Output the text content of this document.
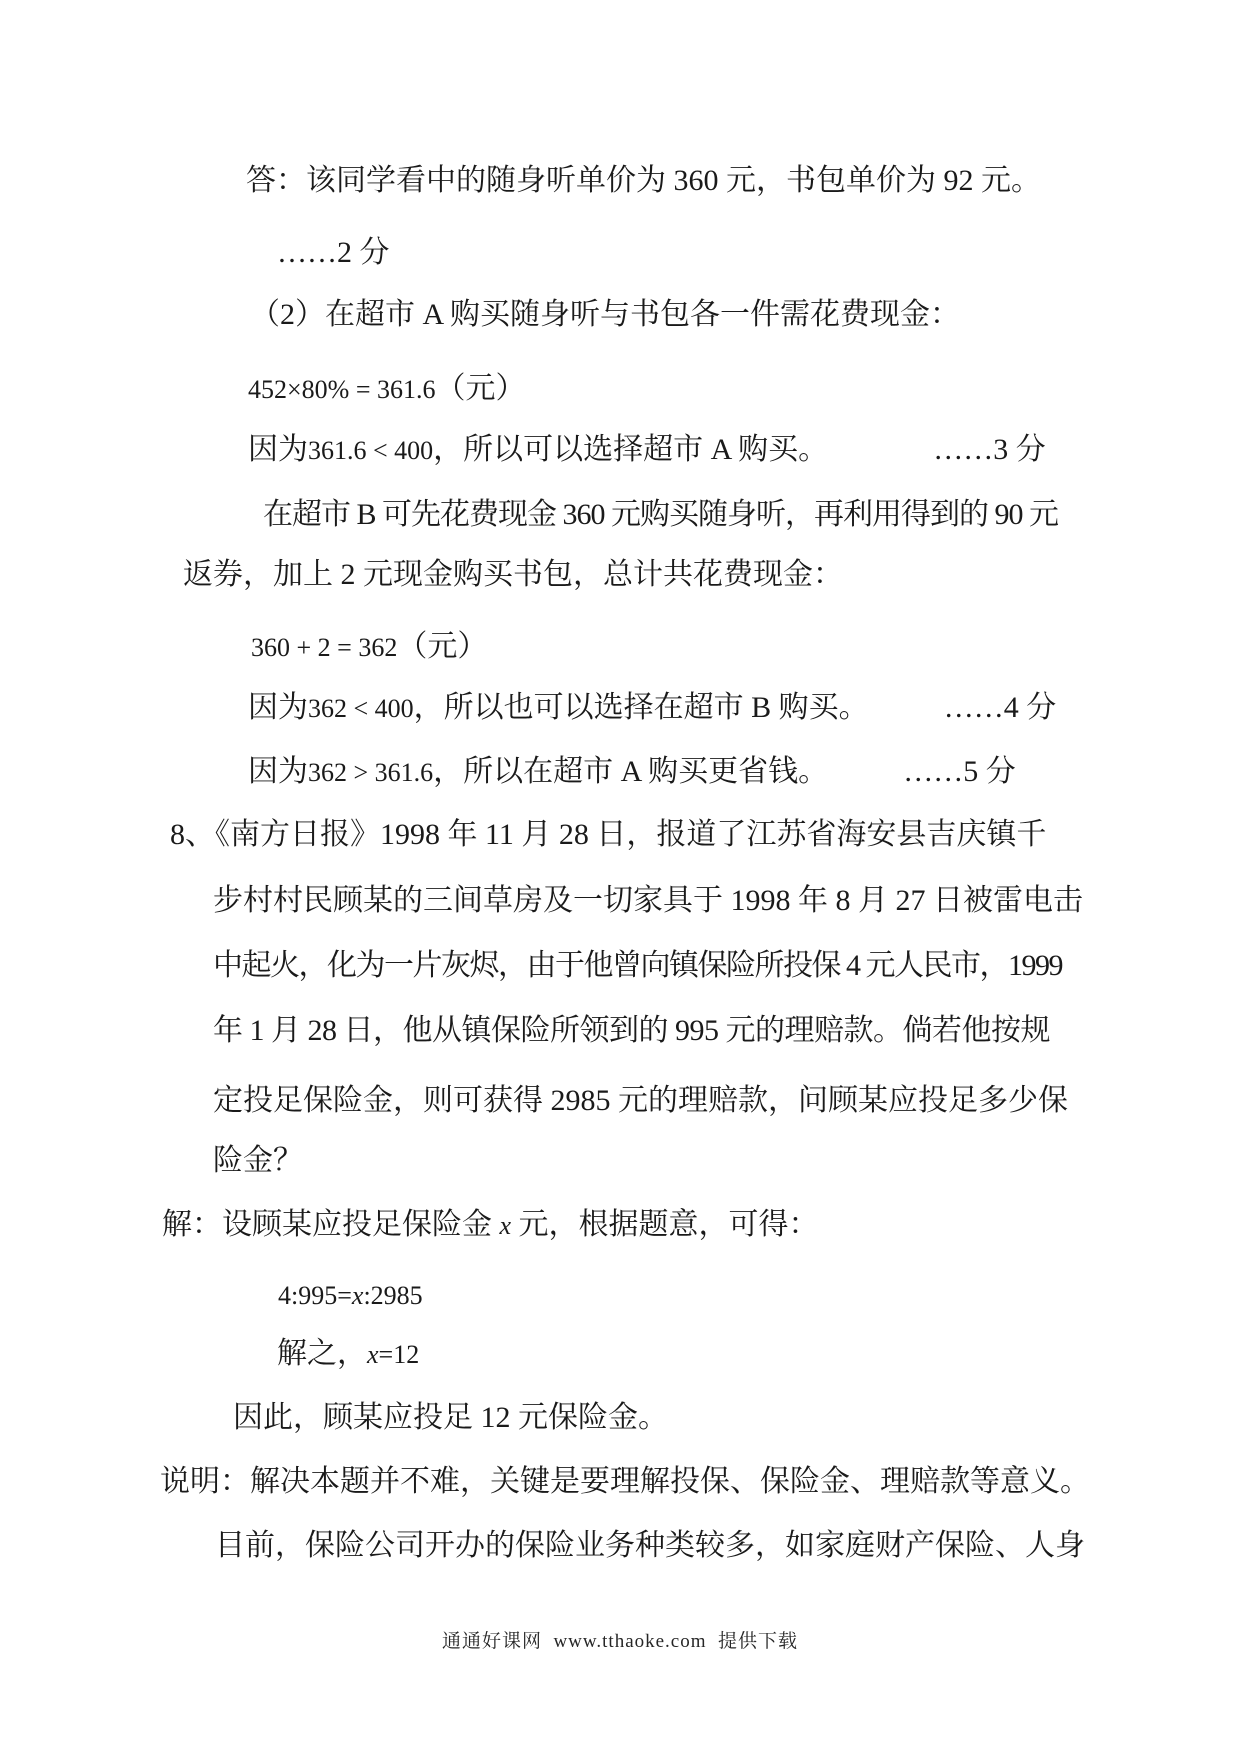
答：该同学看中的随身听单价为 360 元，书包单价为 92 元。
……2 分
（2）在超市 A 购买随身听与书包各一件需花费现金：
452×80% = 361.6（元）
因为361.6 < 400，所以可以选择超市 A 购买。	……3 分
在超市 B 可先花费现金 360 元购买随身听，再利用得到的 90 元
返券，加上 2 元现金购买书包，总计共花费现金：
360 + 2 = 362（元）
因为362 < 400，所以也可以选择在超市 B 购买。	……4 分
因为362 > 361.6，所以在超市 A 购买更省钱。	……5 分
8、《南方日报》1998 年 11 月 28 日，报道了江苏省海安县吉庆镇千
步村村民顾某的三间草房及一切家具于 1998 年 8 月 27 日被雷电击
中起火，化为一片灰烬，由于他曾向镇保险所投保 4 元人民市，1999
年 1 月 28 日，他从镇保险所领到的 995 元的理赔款。倘若他按规
定投足保险金，则可获得 2985 元的理赔款，问顾某应投足多少保
险金？
解：设顾某应投足保险金 x 元，根据题意，可得：
4:995=x:2985
解之，x=12
因此，顾某应投足 12 元保险金。
说明：解决本题并不难，关键是要理解投保、保险金、理赔款等意义。
目前，保险公司开办的保险业务种类较多，如家庭财产保险、人身
通通好课网  www.tthaoke.com  提供下载
